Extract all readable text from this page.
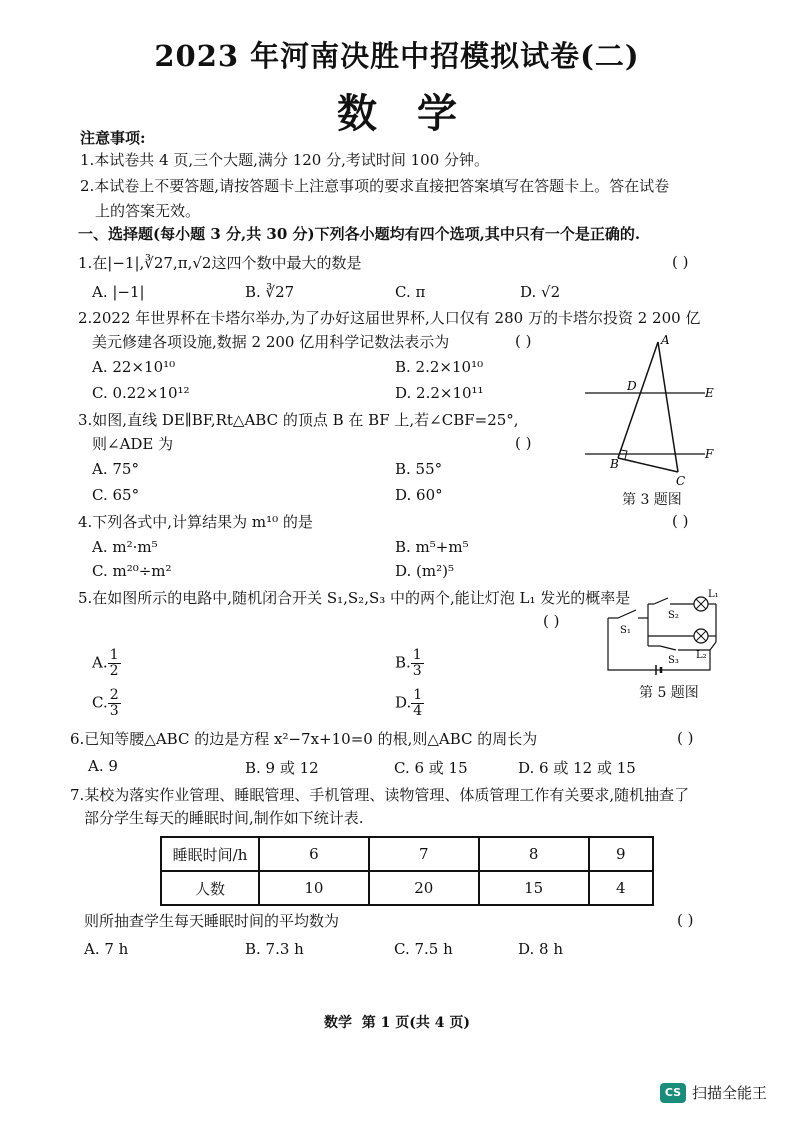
2023 年河南决胜中招模拟试卷(二)
数学
注意事项:
1.本试卷共 4 页,三个大题,满分 120 分,考试时间 100 分钟。
2.本试卷上不要答题,请按答题卡上注意事项的要求直接把答案填写在答题卡上。答在试卷
上的答案无效。
一、选择题(每小题 3 分,共 30 分)下列各小题均有四个选项,其中只有一个是正确的.
1.在|−1|,∛27,π,√2这四个数中最大的数是	( )
A. |−1|	B. ∛27	C. π	D. √2
2.2022 年世界杯在卡塔尔举办,为了办好这届世界杯,人口仅有 280 万的卡塔尔投资 2 200 亿
美元修建各项设施,数据 2 200 亿用科学记数法表示为	( )
A. 22×10¹⁰	B. 2.2×10¹⁰
C. 0.22×10¹²	D. 2.2×10¹¹
3.如图,直线 DE∥BF,Rt△ABC 的顶点 B 在 BF 上,若∠CBF=25°,
则∠ADE 为	( )
A. 75°	B. 55°
C. 65°	D. 60°
A
D	E
B
F
C
第 3 题图
4.下列各式中,计算结果为 m¹⁰ 的是	( )
A. m²·m⁵	B. m⁵+m⁵
C. m²⁰÷m²	D. (m²)⁵
5.在如图所示的电路中,随机闭合开关 S₁,S₂,S₃ 中的两个,能让灯泡 L₁ 发光的概率是
( )
A. $\frac{1}{2}$	B. $\frac{1}{3}$
C. $\frac{2}{3}$	D. $\frac{1}{4}$
L₁
L₂
S₁
S₂
S₃
第 5 题图
6.已知等腰△ABC 的边是方程 x²−7x+10=0 的根,则△ABC 的周长为	( )
A. 9	B. 9 或 12	C. 6 或 15	D. 6 或 12 或 15
7.某校为落实作业管理、睡眠管理、手机管理、读物管理、体质管理工作有关要求,随机抽查了
部分学生每天的睡眠时间,制作如下统计表.
睡眠时间/h	6	7	8	9
人数	10	20	15	4
则所抽查学生每天睡眠时间的平均数为	( )
A. 7 h	B. 7.3 h	C. 7.5 h	D. 8 h
数学  第 1 页(共 4 页)
CS 扫描全能王
